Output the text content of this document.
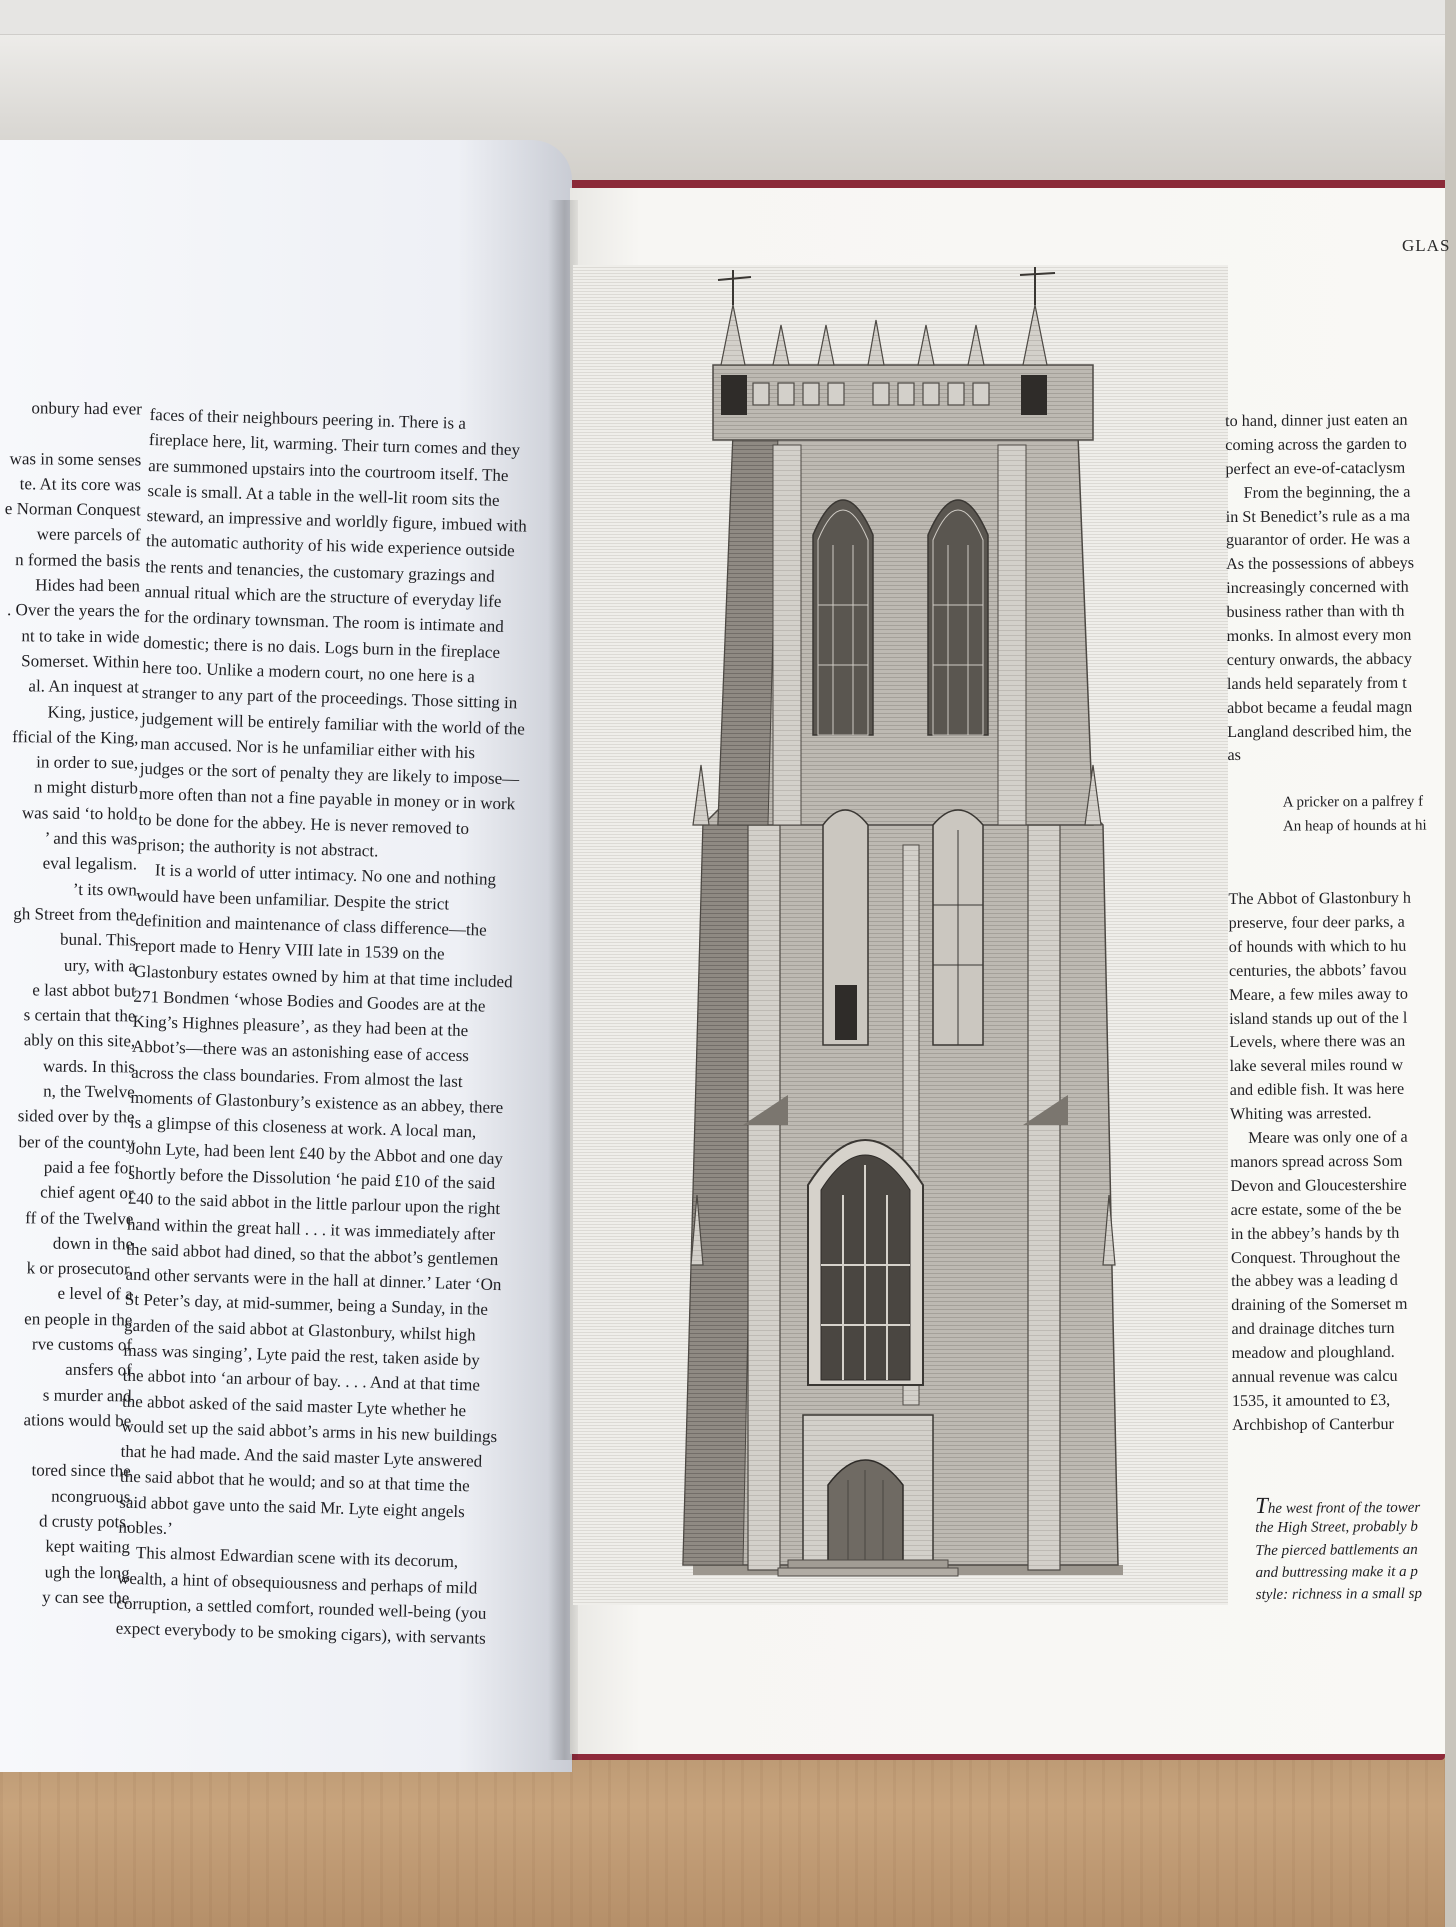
GLAS
onbury had ever
was in some senses
te. At its core was
e Norman Conquest
were parcels of
n formed the basis
Hides had been
. Over the years the
nt to take in wide
Somerset. Within
al. An inquest at
King, justice,
fficial of the King,
in order to sue,
n might disturb
was said ‘to hold
’ and this was
eval legalism.
’t its own
gh Street from the
bunal. This
ury, with a
e last abbot but
s certain that the
ably on this site,
wards. In this
n, the Twelve
sided over by the
ber of the county
paid a fee for
chief agent or
ff of the Twelve
down in the
k or prosecutor.
e level of a
en people in the
rve customs of
ansfers of
s murder and
ations would be
tored since the
ncongruous
d crusty pots.
kept waiting
ugh the long
y can see the
faces of their neighbours peering in. There is a
fireplace here, lit, warming. Their turn comes and they
are summoned upstairs into the courtroom itself. The
scale is small. At a table in the well-lit room sits the
steward, an impressive and worldly figure, imbued with
the automatic authority of his wide experience outside
the rents and tenancies, the customary grazings and
annual ritual which are the structure of everyday life
for the ordinary townsman. The room is intimate and
domestic; there is no dais. Logs burn in the fireplace
here too. Unlike a modern court, no one here is a
stranger to any part of the proceedings. Those sitting in
judgement will be entirely familiar with the world of the
man accused. Nor is he unfamiliar either with his
judges or the sort of penalty they are likely to impose—
more often than not a fine payable in money or in work
to be done for the abbey. He is never removed to
prison; the authority is not abstract.
It is a world of utter intimacy. No one and nothing
would have been unfamiliar. Despite the strict
definition and maintenance of class difference—the
report made to Henry VIII late in 1539 on the
Glastonbury estates owned by him at that time included
271 Bondmen ‘whose Bodies and Goodes are at the
King’s Highnes pleasure’, as they had been at the
Abbot’s—there was an astonishing ease of access
across the class boundaries. From almost the last
moments of Glastonbury’s existence as an abbey, there
is a glimpse of this closeness at work. A local man,
John Lyte, had been lent £40 by the Abbot and one day
shortly before the Dissolution ‘he paid £10 of the said
£40 to the said abbot in the little parlour upon the right
hand within the great hall . . . it was immediately after
the said abbot had dined, so that the abbot’s gentlemen
and other servants were in the hall at dinner.’ Later ‘On
St Peter’s day, at mid-summer, being a Sunday, in the
garden of the said abbot at Glastonbury, whilst high
mass was singing’, Lyte paid the rest, taken aside by
the abbot into ‘an arbour of bay. . . . And at that time
the abbot asked of the said master Lyte whether he
would set up the said abbot’s arms in his new buildings
that he had made. And the said master Lyte answered
the said abbot that he would; and so at that time the
said abbot gave unto the said Mr. Lyte eight angels
nobles.’
This almost Edwardian scene with its decorum,
wealth, a hint of obsequiousness and perhaps of mild
corruption, a settled comfort, rounded well-being (you
expect everybody to be smoking cigars), with servants
to hand, dinner just eaten an
coming across the garden to
perfect an eve-of-cataclysm
From the beginning, the a
in St Benedict’s rule as a ma
guarantor of order. He was a
As the possessions of abbeys
increasingly concerned with
business rather than with th
monks. In almost every mon
century onwards, the abbacy
lands held separately from t
abbot became a feudal magn
Langland described him, the
as
A pricker on a palfrey f
An heap of hounds at hi
The Abbot of Glastonbury h
preserve, four deer parks, a
of hounds with which to hu
centuries, the abbots’ favou
Meare, a few miles away to
island stands up out of the l
Levels, where there was an
lake several miles round w
and edible fish. It was here
Whiting was arrested.
Meare was only one of a
manors spread across Som
Devon and Gloucestershire
acre estate, some of the be
in the abbey’s hands by th
Conquest. Throughout the
the abbey was a leading d
draining of the Somerset m
and drainage ditches turn
meadow and ploughland.
annual revenue was calcu
1535, it amounted to £3,
Archbishop of Canterbur
The west front of the tower
the High Street, probably b
The pierced battlements an
and buttressing make it a p
style: richness in a small sp
